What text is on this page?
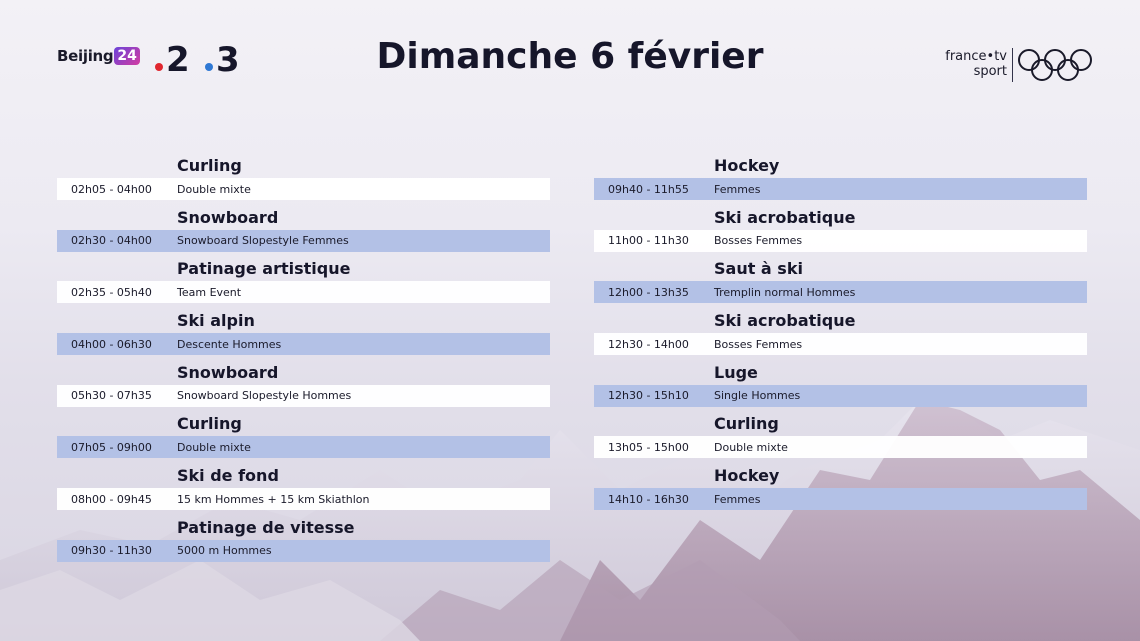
Beijing 24 2 3	Dimanche 6 février	france•tv
sport
Curling
02h05 - 04h00	Double mixte
Snowboard
02h30 - 04h00	Snowboard Slopestyle Femmes
Patinage artistique
02h35 - 05h40	Team Event
Ski alpin
04h00 - 06h30	Descente Hommes
Snowboard
05h30 - 07h35	Snowboard Slopestyle Hommes
Curling
07h05 - 09h00	Double mixte
Ski de fond
08h00 - 09h45	15 km Hommes + 15 km Skiathlon
Patinage de vitesse
09h30 - 11h30	5000 m Hommes
Hockey
09h40 - 11h55	Femmes
Ski acrobatique
11h00 - 11h30	Bosses Femmes
Saut à ski
12h00 - 13h35	Tremplin normal Hommes
Ski acrobatique
12h30 - 14h00	Bosses Femmes
Luge
12h30 - 15h10	Single Hommes
Curling
13h05 - 15h00	Double mixte
Hockey
14h10 - 16h30	Femmes
